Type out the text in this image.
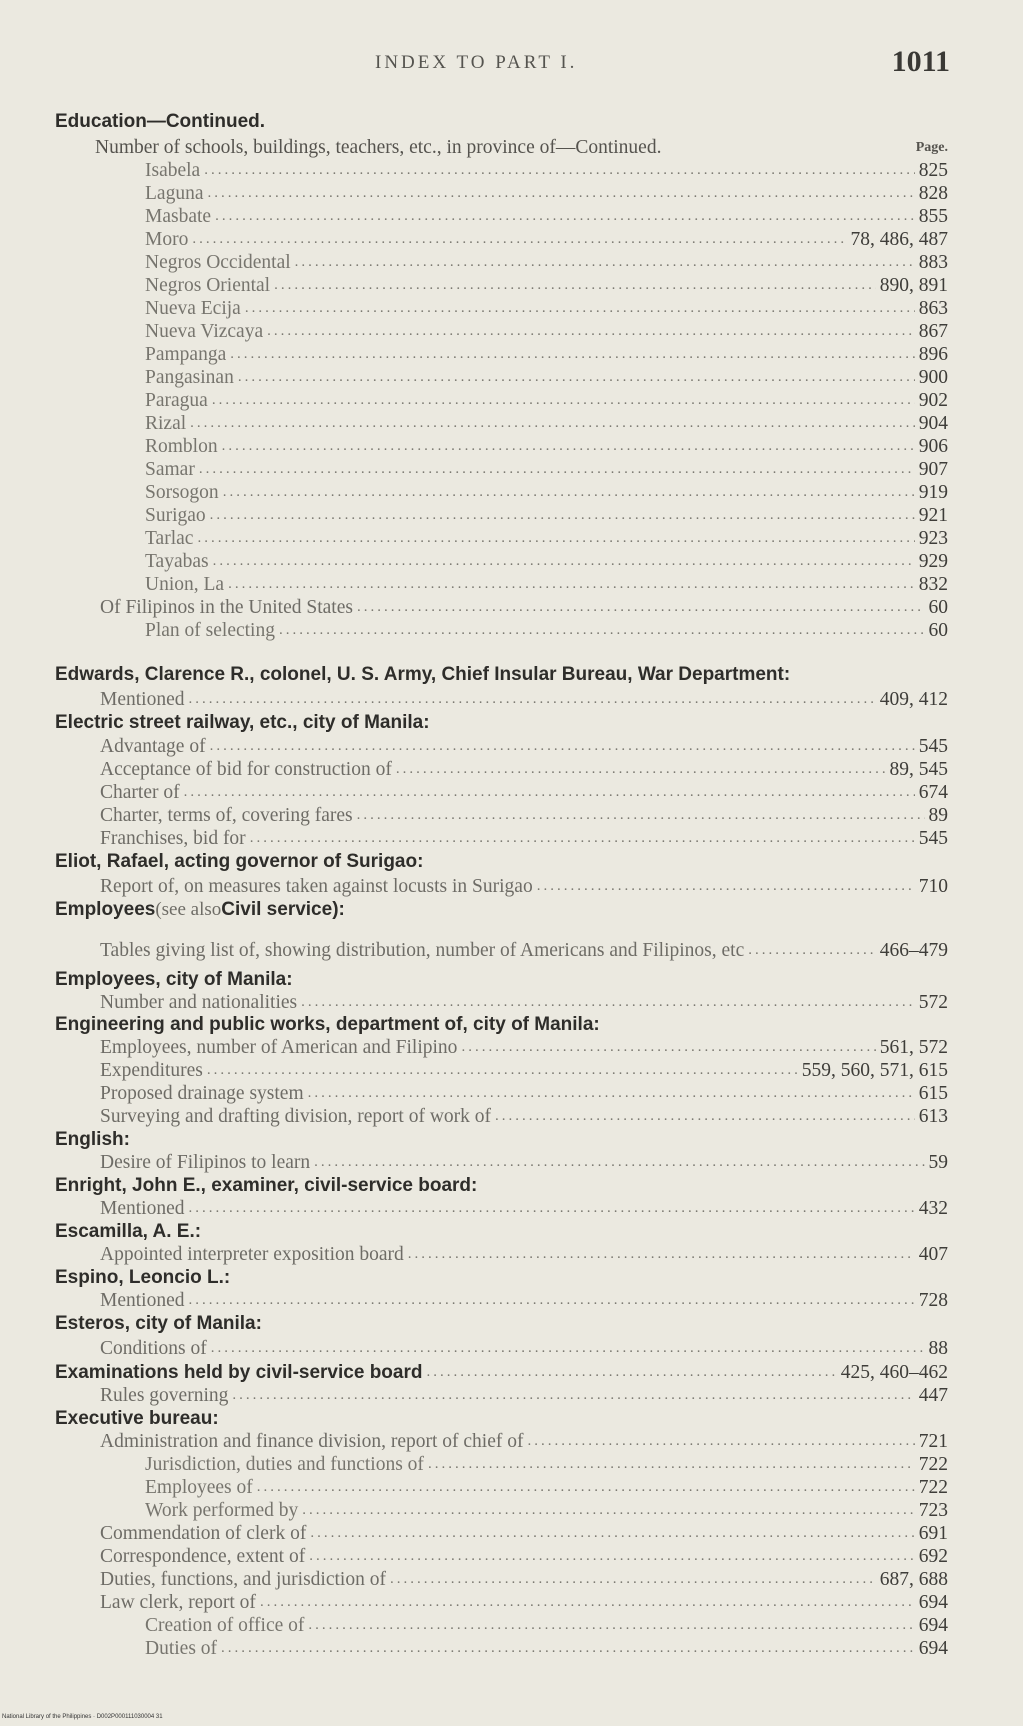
INDEX TO PART I.	1011
Education—Continued.
Number of schools, buildings, teachers, etc., in province of—Continued.	Page.
Isabela .....	825
Laguna .....	828
Masbate .....	855
Moro .....	78, 486, 487
Negros Occidental .....	883
Negros Oriental .....	890, 891
Nueva Ecija .....	863
Nueva Vizcaya .....	867
Pampanga .....	896
Pangasinan .....	900
Paragua .....	902
Rizal .....	904
Romblon .....	906
Samar .....	907
Sorsogon .....	919
Surigao .....	921
Tarlac .....	923
Tayabas .....	929
Union, La .....	832
Of Filipinos in the United States .....	60
Plan of selecting .....	60
Edwards, Clarence R., colonel, U. S. Army, Chief Insular Bureau, War Department:
Mentioned .....	409, 412
Electric street railway, etc., city of Manila:
Advantage of .....	545
Acceptance of bid for construction of .....	89, 545
Charter of .....	674
Charter, terms of, covering fares .....	89
Franchises, bid for .....	545
Eliot, Rafael, acting governor of Surigao:
Report of, on measures taken against locusts in Surigao .....	710
Employees (see also Civil service ):
Tables giving list of, showing distribution, number of Americans and Filipinos, etc .....	466–479
Employees, city of Manila:
Number and nationalities .....	572
Engineering and public works, department of, city of Manila:
Employees, number of American and Filipino .....	561, 572
Expenditures .....	559, 560, 571, 615
Proposed drainage system .....	615
Surveying and drafting division, report of work of .....	613
English:
Desire of Filipinos to learn .....	59
Enright, John E., examiner, civil-service board:
Mentioned .....	432
Escamilla, A. E.:
Appointed interpreter exposition board .....	407
Espino, Leoncio L.:
Mentioned .....	728
Esteros, city of Manila:
Conditions of .....	88
Examinations held by civil-service board .....	425, 460–462
Rules governing .....	447
Executive bureau:
Administration and finance division, report of chief of .....	721
Jurisdiction, duties and functions of .....	722
Employees of .....	722
Work performed by .....	723
Commendation of clerk of .....	691
Correspondence, extent of .....	692
Duties, functions, and jurisdiction of .....	687, 688
Law clerk, report of .....	694
Creation of office of .....	694
Duties of .....	694
National Library of the Philippines · D002P000111030004 31
